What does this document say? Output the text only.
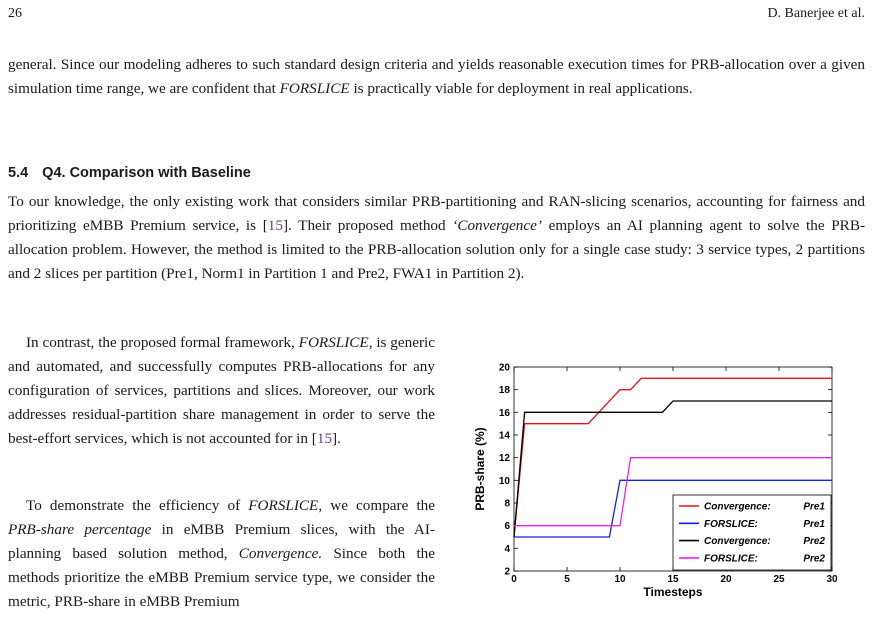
26	D. Banerjee et al.

general. Since our modeling adheres to such standard design criteria and yields reasonable execution times for PRB-allocation over a given simulation time range, we are confident that FORSLICE is practically viable for deployment in real applications.

5.4 Q4. Comparison with Baseline

To our knowledge, the only existing work that considers similar PRB-partitioning and RAN-slicing scenarios, accounting for fairness and prioritizing eMBB Premium service, is [15]. Their proposed method ‘Convergence’ employs an AI planning agent to solve the PRB-allocation problem. However, the method is limited to the PRB-allocation solution only for a single case study: 3 service types, 2 partitions and 2 slices per partition (Pre1, Norm1 in Partition 1 and Pre2, FWA1 in Partition 2).

In contrast, the proposed formal framework, FORSLICE, is generic and automated, and successfully computes PRB-allocations for any configuration of services, partitions and slices. Moreover, our work addresses residual-partition share management in order to serve the best-effort services, which is not accounted for in [15].

To demonstrate the efficiency of FORSLICE, we compare the PRB-share percentage in eMBB Premium slices, with the AI-planning based solution method, Convergence. Since both the methods prioritize the eMBB Premium service type, we consider the metric, PRB-share in eMBB Premium

0	5	10	15	20	25	30
2
4
6
8
10
12
14
16
18
20
Timesteps
PRB-share (%)	Convergence:	Pre1
FORSLICE:	Pre1
Convergence:	Pre2
FORSLICE:	Pre2
